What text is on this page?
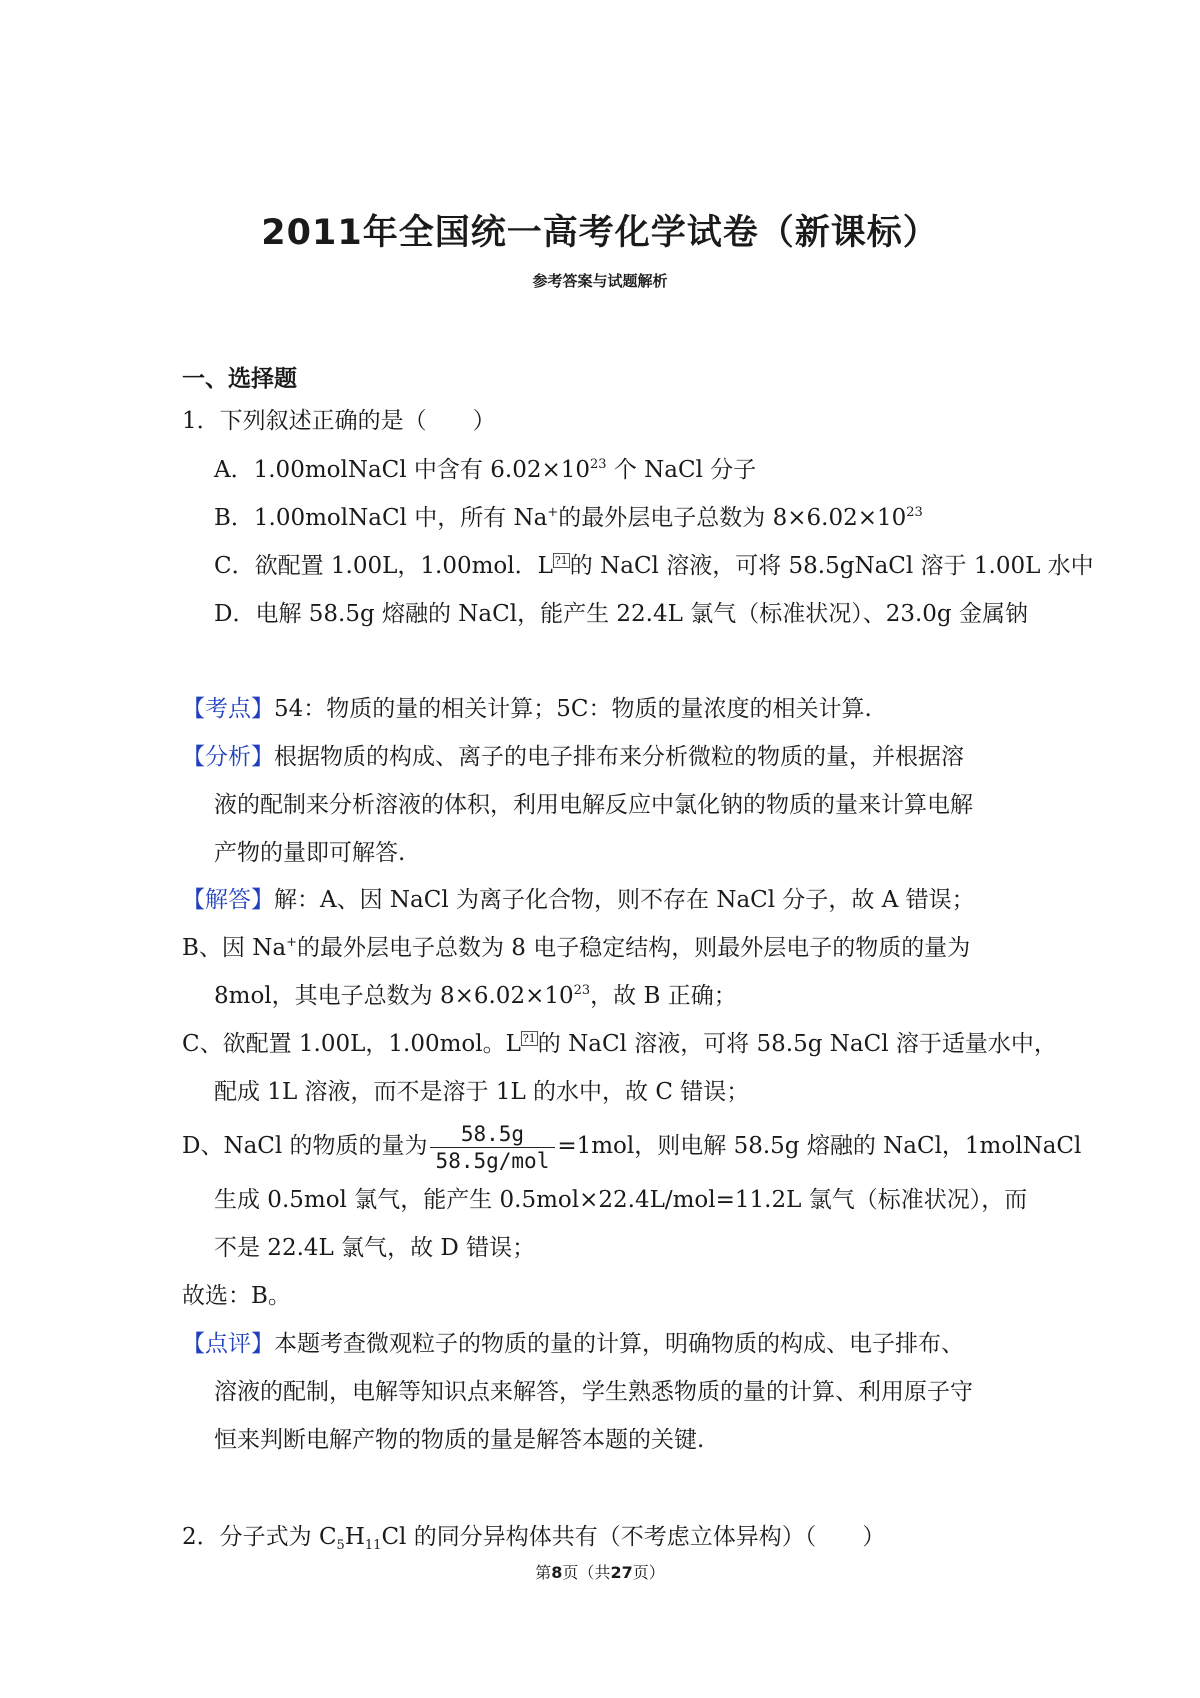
2011年全国统一高考化学试卷（新课标）
参考答案与试题解析
一、选择题
1．下列叙述正确的是（　　）
A．1.00molNaCl 中含有 $6.02\times 10^{23}$ 个 NaCl 分子
B．1.00molNaCl 中，所有 Na+的最外层电子总数为 $8\times 6.02\times 10^{23}$
C．欲配置 1.00L，1.00mol．L $^{?1}$的 NaCl 溶液，可将 58.5gNaCl 溶于 1.00L 水中
D．电解 58.5g 熔融的 NaCl，能产生 22.4L 氯气（标准状况）、23.0g 金属钠
【考点】54：物质的量的相关计算；5C：物质的量浓度的相关计算.
【分析】根据物质的构成、离子的电子排布来分析微粒的物质的量，并根据溶
液的配制来分析溶液的体积，利用电解反应中氯化钠的物质的量来计算电解
产物的量即可解答.
【解答】解：A、因 NaCl 为离子化合物，则不存在 NaCl 分子，故 A 错误；
B、因 Na+的最外层电子总数为 8 电子稳定结构，则最外层电子的物质的量为
8mol，其电子总数为 $8\times 6.02\times 10^{23}$，故 B 正确；
C、欲配置 1.00L，1.00mol。L $^{?1}$的 NaCl 溶液，可将 58.5g NaCl 溶于适量水中，
配成 1L 溶液，而不是溶于 1L 的水中，故 C 错误；
D、NaCl 的物质的量为 $\frac{58.5g}{\text{58.5g/mol}} =1mol$，则电解 58.5g 熔融的 NaCl，1molNaCl
生成 0.5mol 氯气，能产生 0.5mol×22.4L/mol=11.2L 氯气（标准状况），而
不是 22.4L 氯气，故 D 错误；
故选：B。
【点评】本题考查微观粒子的物质的量的计算，明确物质的构成、电子排布、
溶液的配制，电解等知识点来解答，学生熟悉物质的量的计算、利用原子守
恒来判断电解产物的物质的量是解答本题的关键.
2．分子式为 $C_5H_{11}Cl$ 的同分异构体共有（不考虑立体异构）（　　）
第8页（共27页）
